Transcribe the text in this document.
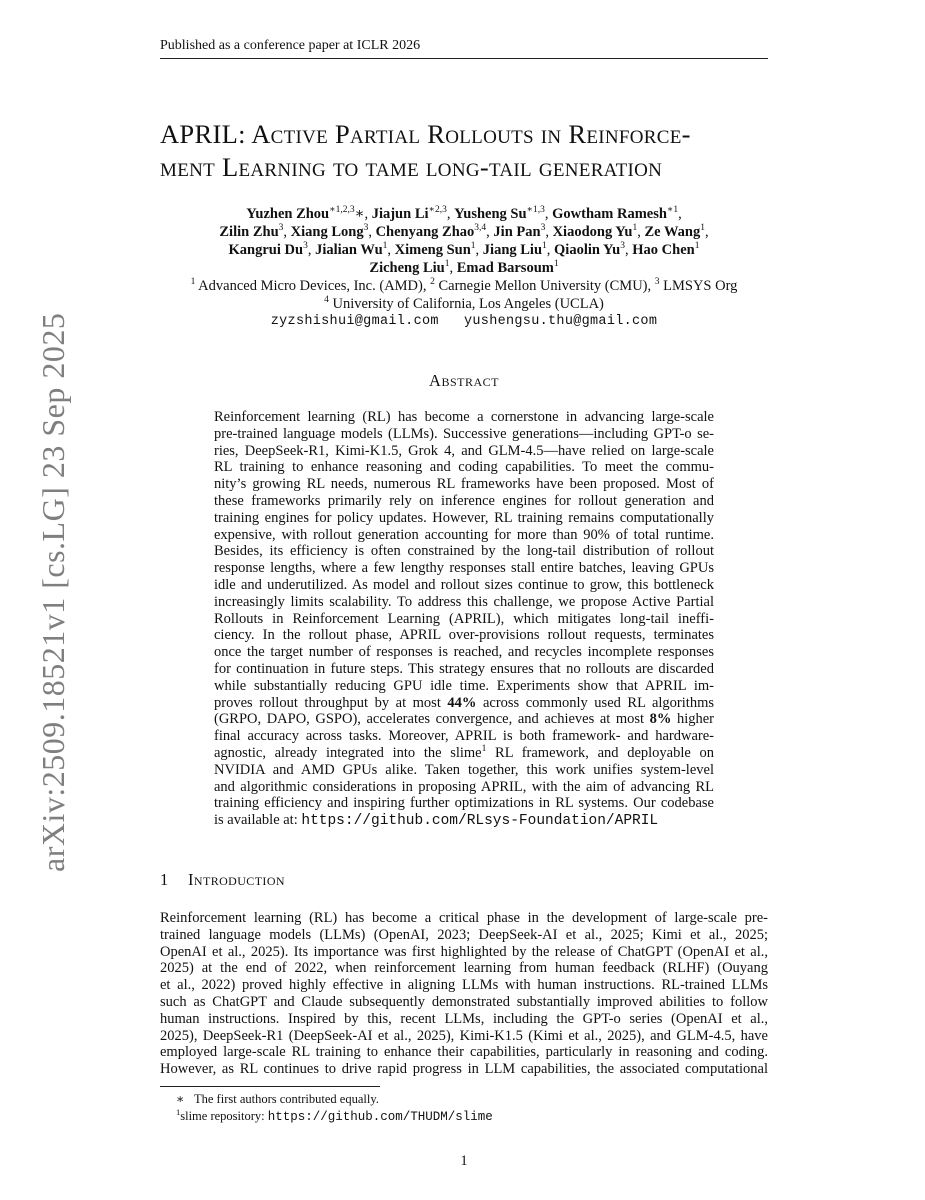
Published as a conference paper at ICLR 2026
arXiv:2509.18521v1 [cs.LG] 23 Sep 2025
APRIL: Active Partial Rollouts in Reinforce-
ment Learning to tame long-tail generation
Yuzhen Zhou$^{∗1,2,3}$∗, Jiajun $Li^{∗2,3}$, Yusheng $Su^{∗1,3}$, Gowtham Ramesh$^{∗1}$,
Zilin Zhu$^3$, Xiang Long$^3$, Chenyang Zhao$^{3,4}$, Jin Pan$^3$, Xiaodong Yu$^1$, Ze Wang$^1$,
Kangrui Du$^3$, Jialian Wu$^1$, Ximeng Sun$^1$, Jiang Liu$^1$, Qiaolin Yu$^3$, Hao Chen$^1$
Zicheng Liu$^1$, Emad Barsoum$^1$
$^1$ Advanced Micro Devices, Inc. (AMD), $^2$ Carnegie Mellon University (CMU), $^3$ LMSYS Org
$^4$ University of California, Los Angeles (UCLA)
zyzshishui@gmail.com yushengsu.thu@gmail.com
Abstract
Reinforcement learning (RL) has become a cornerstone in advancing large-scale
pre-trained language models (LLMs). Successive generations—including GPT-o se-
ries, DeepSeek-R1, Kimi-K1.5, Grok 4, and GLM-4.5—have relied on large-scale
RL training to enhance reasoning and coding capabilities. To meet the commu-
nity’s growing RL needs, numerous RL frameworks have been proposed. Most of
these frameworks primarily rely on inference engines for rollout generation and
training engines for policy updates. However, RL training remains computationally
expensive, with rollout generation accounting for more than 90% of total runtime.
Besides, its efficiency is often constrained by the long-tail distribution of rollout
response lengths, where a few lengthy responses stall entire batches, leaving GPUs
idle and underutilized. As model and rollout sizes continue to grow, this bottleneck
increasingly limits scalability. To address this challenge, we propose Active Partial
Rollouts in Reinforcement Learning (APRIL), which mitigates long-tail ineffi-
ciency. In the rollout phase, APRIL over-provisions rollout requests, terminates
once the target number of responses is reached, and recycles incomplete responses
for continuation in future steps. This strategy ensures that no rollouts are discarded
while substantially reducing GPU idle time. Experiments show that APRIL im-
proves rollout throughput by at most 44% across commonly used RL algorithms
(GRPO, DAPO, GSPO), accelerates convergence, and achieves at most 8% higher
final accuracy across tasks. Moreover, APRIL is both framework- and hardware-
agnostic, already integrated into the slime$^1$ RL framework, and deployable on
NVIDIA and AMD GPUs alike. Taken together, this work unifies system-level
and algorithmic considerations in proposing APRIL, with the aim of advancing RL
training efficiency and inspiring further optimizations in RL systems. Our codebase
is available at: https://github.com/RLsys-Foundation/APRIL
1 Introduction
Reinforcement learning (RL) has become a critical phase in the development of large-scale pre-
trained language models (LLMs) (OpenAI, 2023; DeepSeek-AI et al., 2025; Kimi et al., 2025;
OpenAI et al., 2025). Its importance was first highlighted by the release of ChatGPT (OpenAI et al.,
2025) at the end of 2022, when reinforcement learning from human feedback (RLHF) (Ouyang
et al., 2022) proved highly effective in aligning LLMs with human instructions. RL-trained LLMs
such as ChatGPT and Claude subsequently demonstrated substantially improved abilities to follow
human instructions. Inspired by this, recent LLMs, including the GPT-o series (OpenAI et al.,
2025), DeepSeek-R1 (DeepSeek-AI et al., 2025), Kimi-K1.5 (Kimi et al., 2025), and GLM-4.5, have
employed large-scale RL training to enhance their capabilities, particularly in reasoning and coding.
However, as RL continues to drive rapid progress in LLM capabilities, the associated computational
∗ The first authors contributed equally.
$^1$slime repository: https://github.com/THUDM/slime
1
